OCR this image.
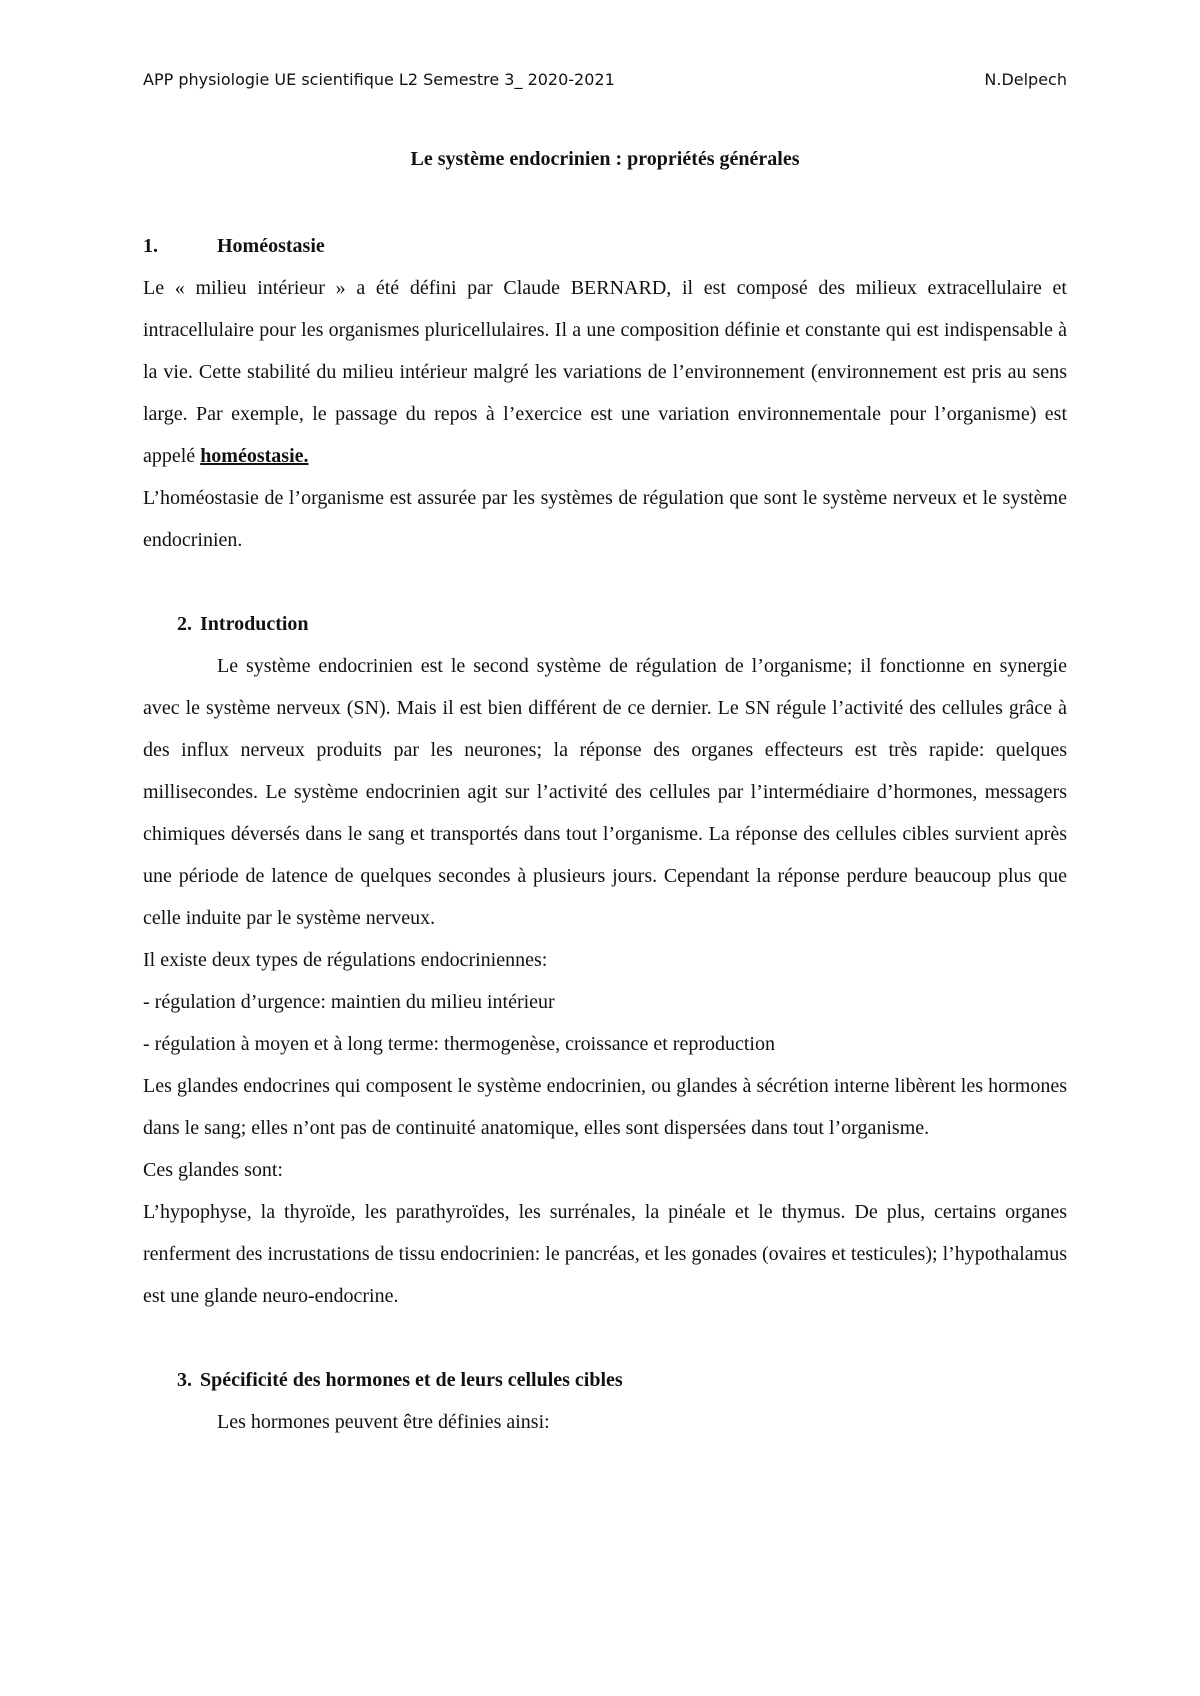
APP physiologie UE scientifique L2 Semestre 3_ 2020-2021	N.Delpech
Le système endocrinien : propriétés générales
1.	Homéostasie

Le « milieu intérieur » a été défini par Claude BERNARD, il est composé des milieux extracellulaire et intracellulaire pour les organismes pluricellulaires. Il a une composition définie et constante qui est indispensable à la vie. Cette stabilité du milieu intérieur malgré les variations de l’environnement (environnement est pris au sens large. Par exemple, le passage du repos à l’exercice est une variation environnementale pour l’organisme) est appelé homéostasie.

L’homéostasie de l’organisme est assurée par les systèmes de régulation que sont le système nerveux et le système endocrinien.

2. Introduction

Le système endocrinien est le second système de régulation de l’organisme; il fonctionne en synergie avec le système nerveux (SN). Mais il est bien différent de ce dernier. Le SN régule l’activité des cellules grâce à des influx nerveux produits par les neurones; la réponse des organes effecteurs est très rapide: quelques millisecondes. Le système endocrinien agit sur l’activité des cellules par l’intermédiaire d’hormones, messagers chimiques déversés dans le sang et transportés dans tout l’organisme. La réponse des cellules cibles survient après une période de latence de quelques secondes à plusieurs jours. Cependant la réponse perdure beaucoup plus que celle induite par le système nerveux.

Il existe deux types de régulations endocriniennes:

- régulation d’urgence: maintien du milieu intérieur

- régulation à moyen et à long terme: thermogenèse, croissance et reproduction

Les glandes endocrines qui composent le système endocrinien, ou glandes à sécrétion interne libèrent les hormones dans le sang; elles n’ont pas de continuité anatomique, elles sont dispersées dans tout l’organisme.

Ces glandes sont:

L’hypophyse, la thyroïde, les parathyroïdes, les surrénales, la pinéale et le thymus. De plus, certains organes renferment des incrustations de tissu endocrinien: le pancréas, et les gonades (ovaires et testicules); l’hypothalamus est une glande neuro-endocrine.

3. Spécificité des hormones et de leurs cellules cibles

Les hormones peuvent être définies ainsi:
